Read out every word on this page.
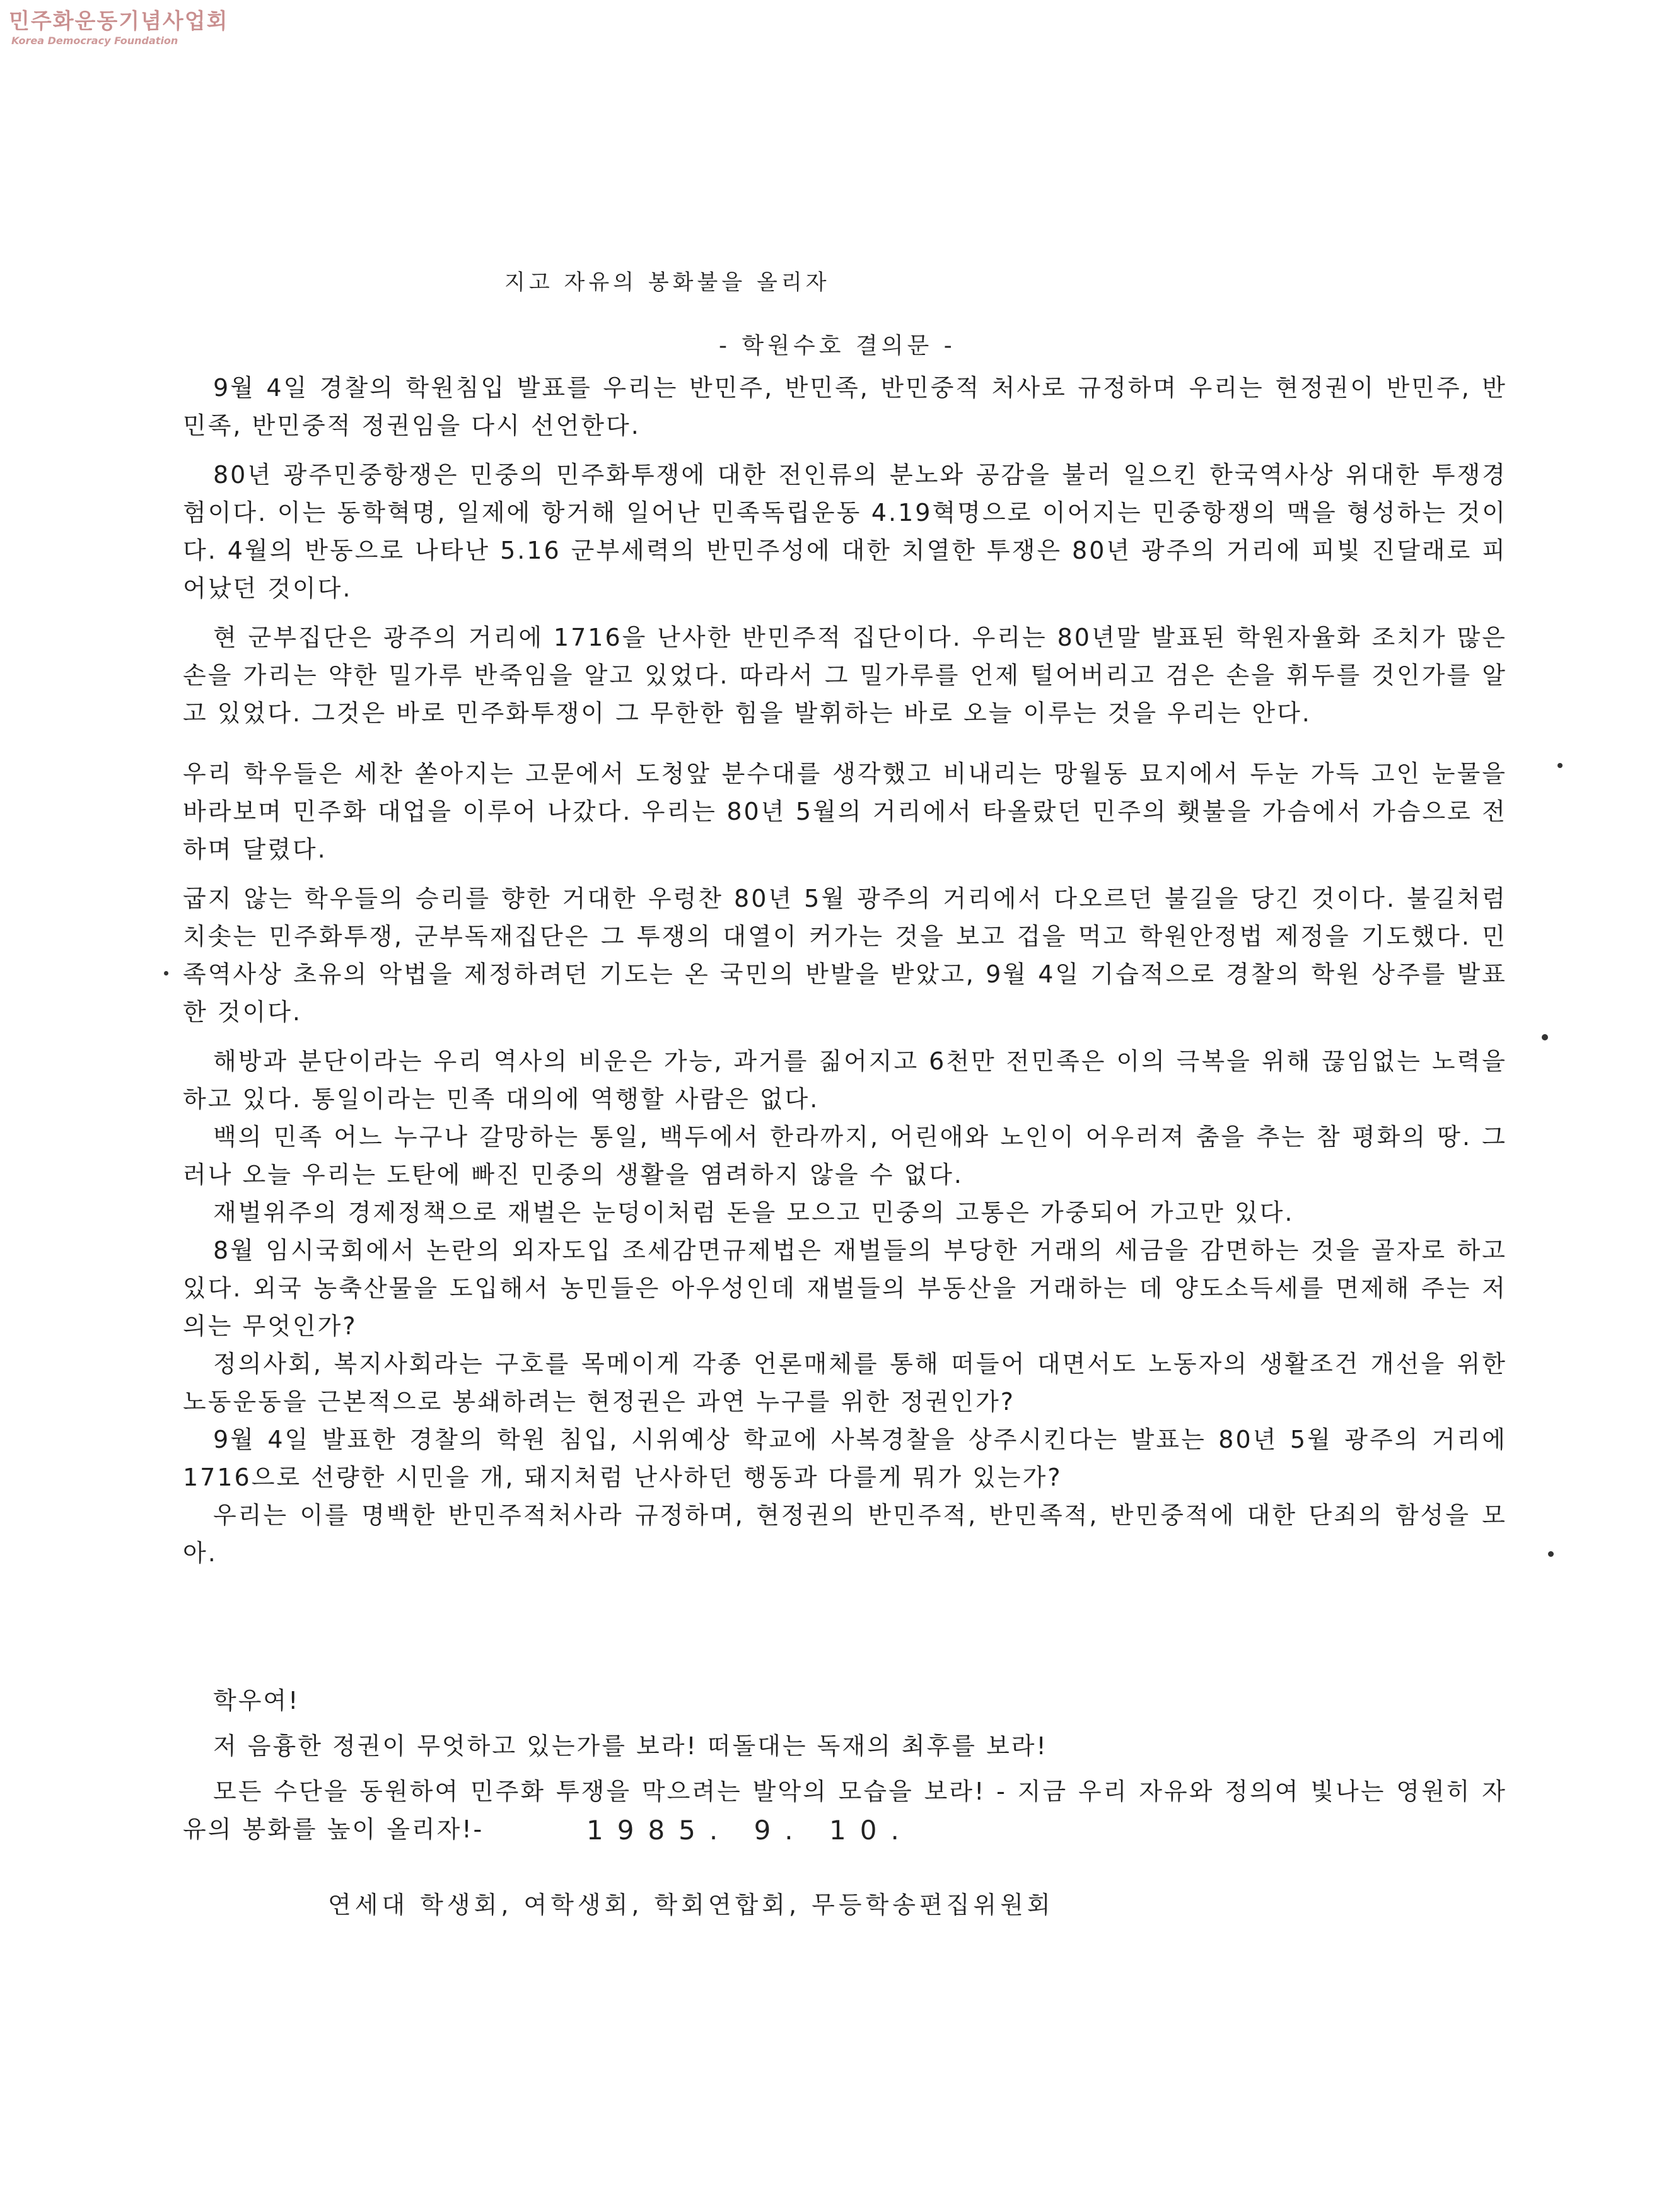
민주화운동기념사업회
Korea Democracy Foundation
지고 자유의 봉화불을 올리자
- 학원수호 결의문 -

9월 4일 경찰의 학원침입 발표를 우리는 반민주, 반민족, 반민중적 처사로 규정하며 우리는 현정권이 반민주, 반민족, 반민중적 정권임을 다시 선언한다.

80년 광주민중항쟁은 민중의 민주화투쟁에 대한 전인류의 분노와 공감을 불러 일으킨 한국역사상 위대한 투쟁경험이다. 이는 동학혁명, 일제에 항거해 일어난 민족독립운동 4.19혁명으로 이어지는 민중항쟁의 맥을 형성하는 것이다. 4월의 반동으로 나타난 5.16 군부세력의 반민주성에 대한 치열한 투쟁은 80년 광주의 거리에 피빛 진달래로 피어났던 것이다.

현 군부집단은 광주의 거리에 1716을 난사한 반민주적 집단이다. 우리는 80년말 발표된 학원자율화 조치가 많은 손을 가리는 약한 밀가루 반죽임을 알고 있었다. 따라서 그 밀가루를 언제 털어버리고 검은 손을 휘두를 것인가를 알고 있었다. 그것은 바로 민주화투쟁이 그 무한한 힘을 발휘하는 바로 오늘 이루는 것을 우리는 안다.

우리 학우들은 세찬 쏟아지는 고문에서 도청앞 분수대를 생각했고 비내리는 망월동 묘지에서 두눈 가득 고인 눈물을 바라보며 민주화 대업을 이루어 나갔다. 우리는 80년 5월의 거리에서 타올랐던 민주의 횃불을 가슴에서 가슴으로 전하며 달렸다.

굽지 않는 학우들의 승리를 향한 거대한 우렁찬 80년 5월 광주의 거리에서 다오르던 불길을 당긴 것이다. 불길처럼 치솟는 민주화투쟁, 군부독재집단은 그 투쟁의 대열이 커가는 것을 보고 겁을 먹고 학원안정법 제정을 기도했다. 민족역사상 초유의 악법을 제정하려던 기도는 온 국민의 반발을 받았고, 9월 4일 기습적으로 경찰의 학원 상주를 발표한 것이다.

해방과 분단이라는 우리 역사의 비운은 가능, 과거를 짊어지고 6천만 전민족은 이의 극복을 위해 끊임없는 노력을 하고 있다. 통일이라는 민족 대의에 역행할 사람은 없다.

백의 민족 어느 누구나 갈망하는 통일, 백두에서 한라까지, 어린애와 노인이 어우러져 춤을 추는 참 평화의 땅. 그러나 오늘 우리는 도탄에 빠진 민중의 생활을 염려하지 않을 수 없다.

재벌위주의 경제정책으로 재벌은 눈덩이처럼 돈을 모으고 민중의 고통은 가중되어 가고만 있다.

8월 임시국회에서 논란의 외자도입 조세감면규제법은 재벌들의 부당한 거래의 세금을 감면하는 것을 골자로 하고 있다. 외국 농축산물을 도입해서 농민들은 아우성인데 재벌들의 부동산을 거래하는 데 양도소득세를 면제해 주는 저의는 무엇인가?

정의사회, 복지사회라는 구호를 목메이게 각종 언론매체를 통해 떠들어 대면서도 노동자의 생활조건 개선을 위한 노동운동을 근본적으로 봉쇄하려는 현정권은 과연 누구를 위한 정권인가?

9월 4일 발표한 경찰의 학원 침입, 시위예상 학교에 사복경찰을 상주시킨다는 발표는 80년 5월 광주의 거리에 1716으로 선량한 시민을 개, 돼지처럼 난사하던 행동과 다를게 뭐가 있는가?

우리는 이를 명백한 반민주적처사라 규정하며, 현정권의 반민주적, 반민족적, 반민중적에 대한 단죄의 함성을 모아.

학우여!

저 음흉한 정권이 무엇하고 있는가를 보라! 떠돌대는 독재의 최후를 보라!

모든 수단을 동원하여 민주화 투쟁을 막으려는 발악의 모습을 보라! - 지금 우리 자유와 정의여 빛나는 영원히 자유의 봉화를 높이 올리자!-	1985. 9. 10.
연세대 학생회, 여학생회, 학회연합회, 무등학송편집위원회
